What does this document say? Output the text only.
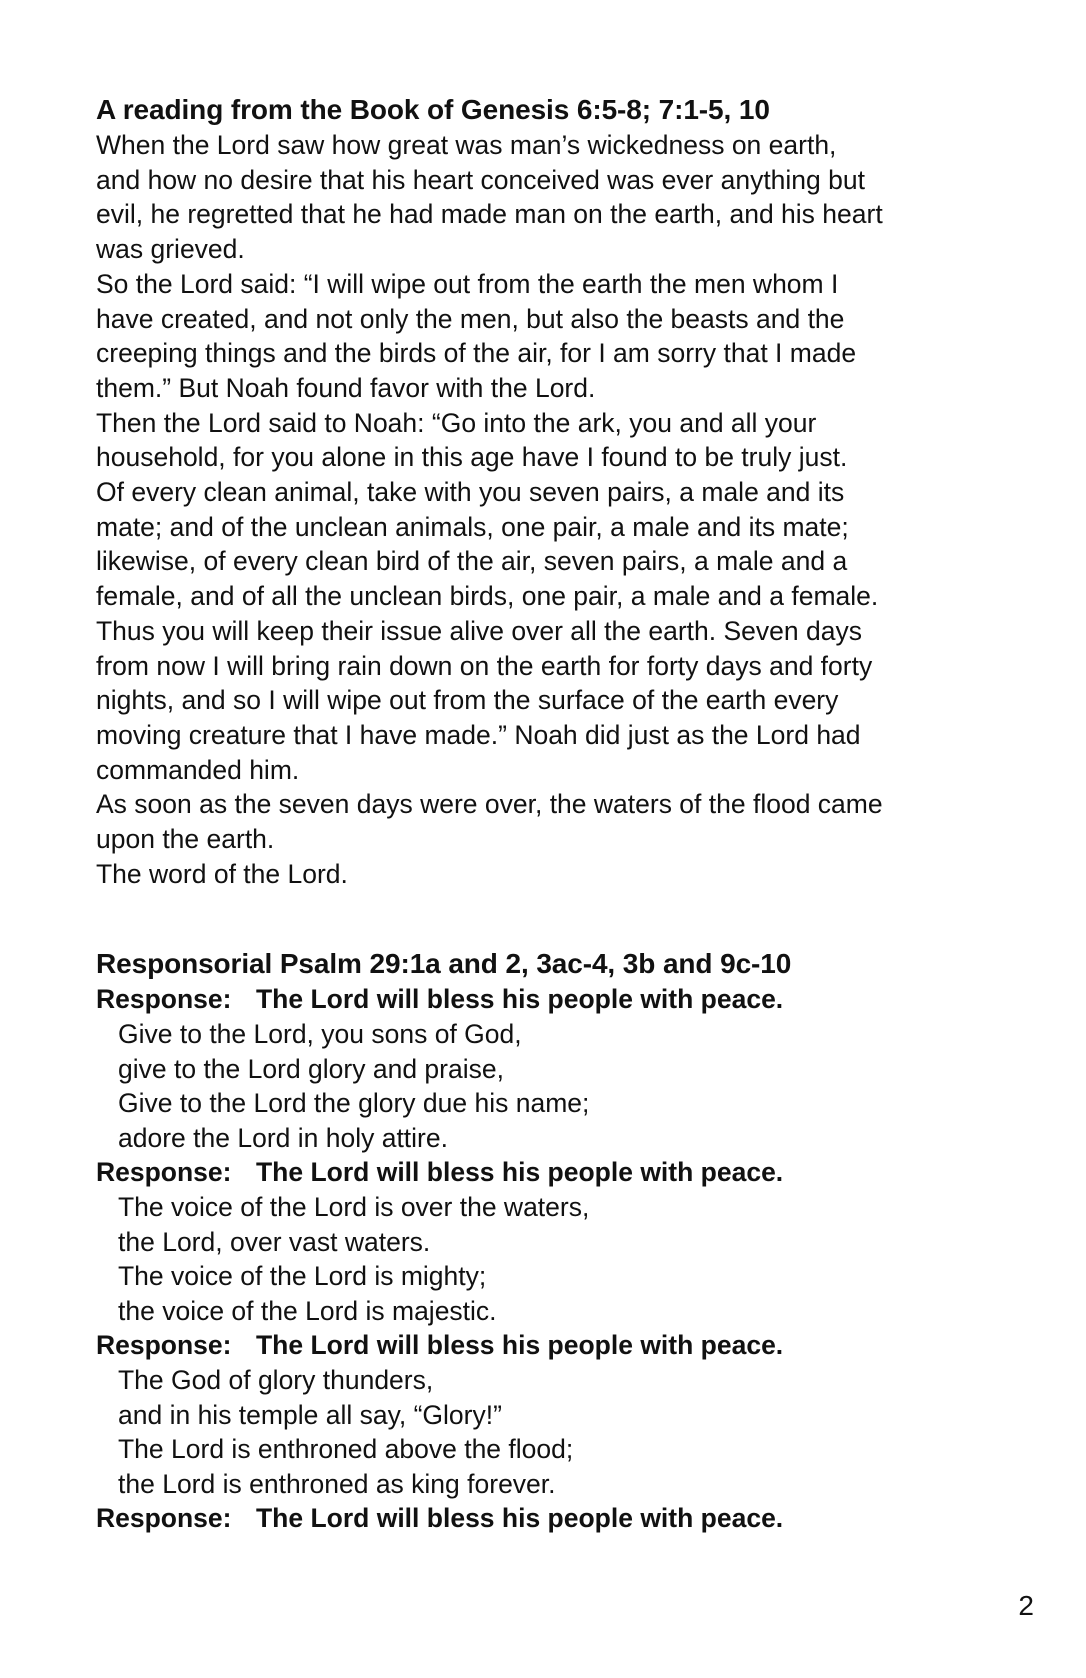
A reading from the Book of Genesis 6:5-8; 7:1-5, 10

When the Lord saw how great was man’s wickedness on earth,

and how no desire that his heart conceived was ever anything but

evil, he regretted that he had made man on the earth, and his heart

was grieved.

So the Lord said: “I will wipe out from the earth the men whom I

have created, and not only the men, but also the beasts and the

creeping things and the birds of the air, for I am sorry that I made

them.” But Noah found favor with the Lord.

Then the Lord said to Noah: “Go into the ark, you and all your

household, for you alone in this age have I found to be truly just.

Of every clean animal, take with you seven pairs, a male and its

mate; and of the unclean animals, one pair, a male and its mate;

likewise, of every clean bird of the air, seven pairs, a male and a

female, and of all the unclean birds, one pair, a male and a female.

Thus you will keep their issue alive over all the earth. Seven days

from now I will bring rain down on the earth for forty days and forty

nights, and so I will wipe out from the surface of the earth every

moving creature that I have made.” Noah did just as the Lord had

commanded him.

As soon as the seven days were over, the waters of the flood came

upon the earth.

The word of the Lord.

Responsorial Psalm 29:1a and 2, 3ac-4, 3b and 9c-10

Response: The Lord will bless his people with peace.

Give to the Lord, you sons of God,

give to the Lord glory and praise,

Give to the Lord the glory due his name;

adore the Lord in holy attire.

Response: The Lord will bless his people with peace.

The voice of the Lord is over the waters,

the Lord, over vast waters.

The voice of the Lord is mighty;

the voice of the Lord is majestic.

Response: The Lord will bless his people with peace.

The God of glory thunders,

and in his temple all say, “Glory!”

The Lord is enthroned above the flood;

the Lord is enthroned as king forever.

Response: The Lord will bless his people with peace.

2
